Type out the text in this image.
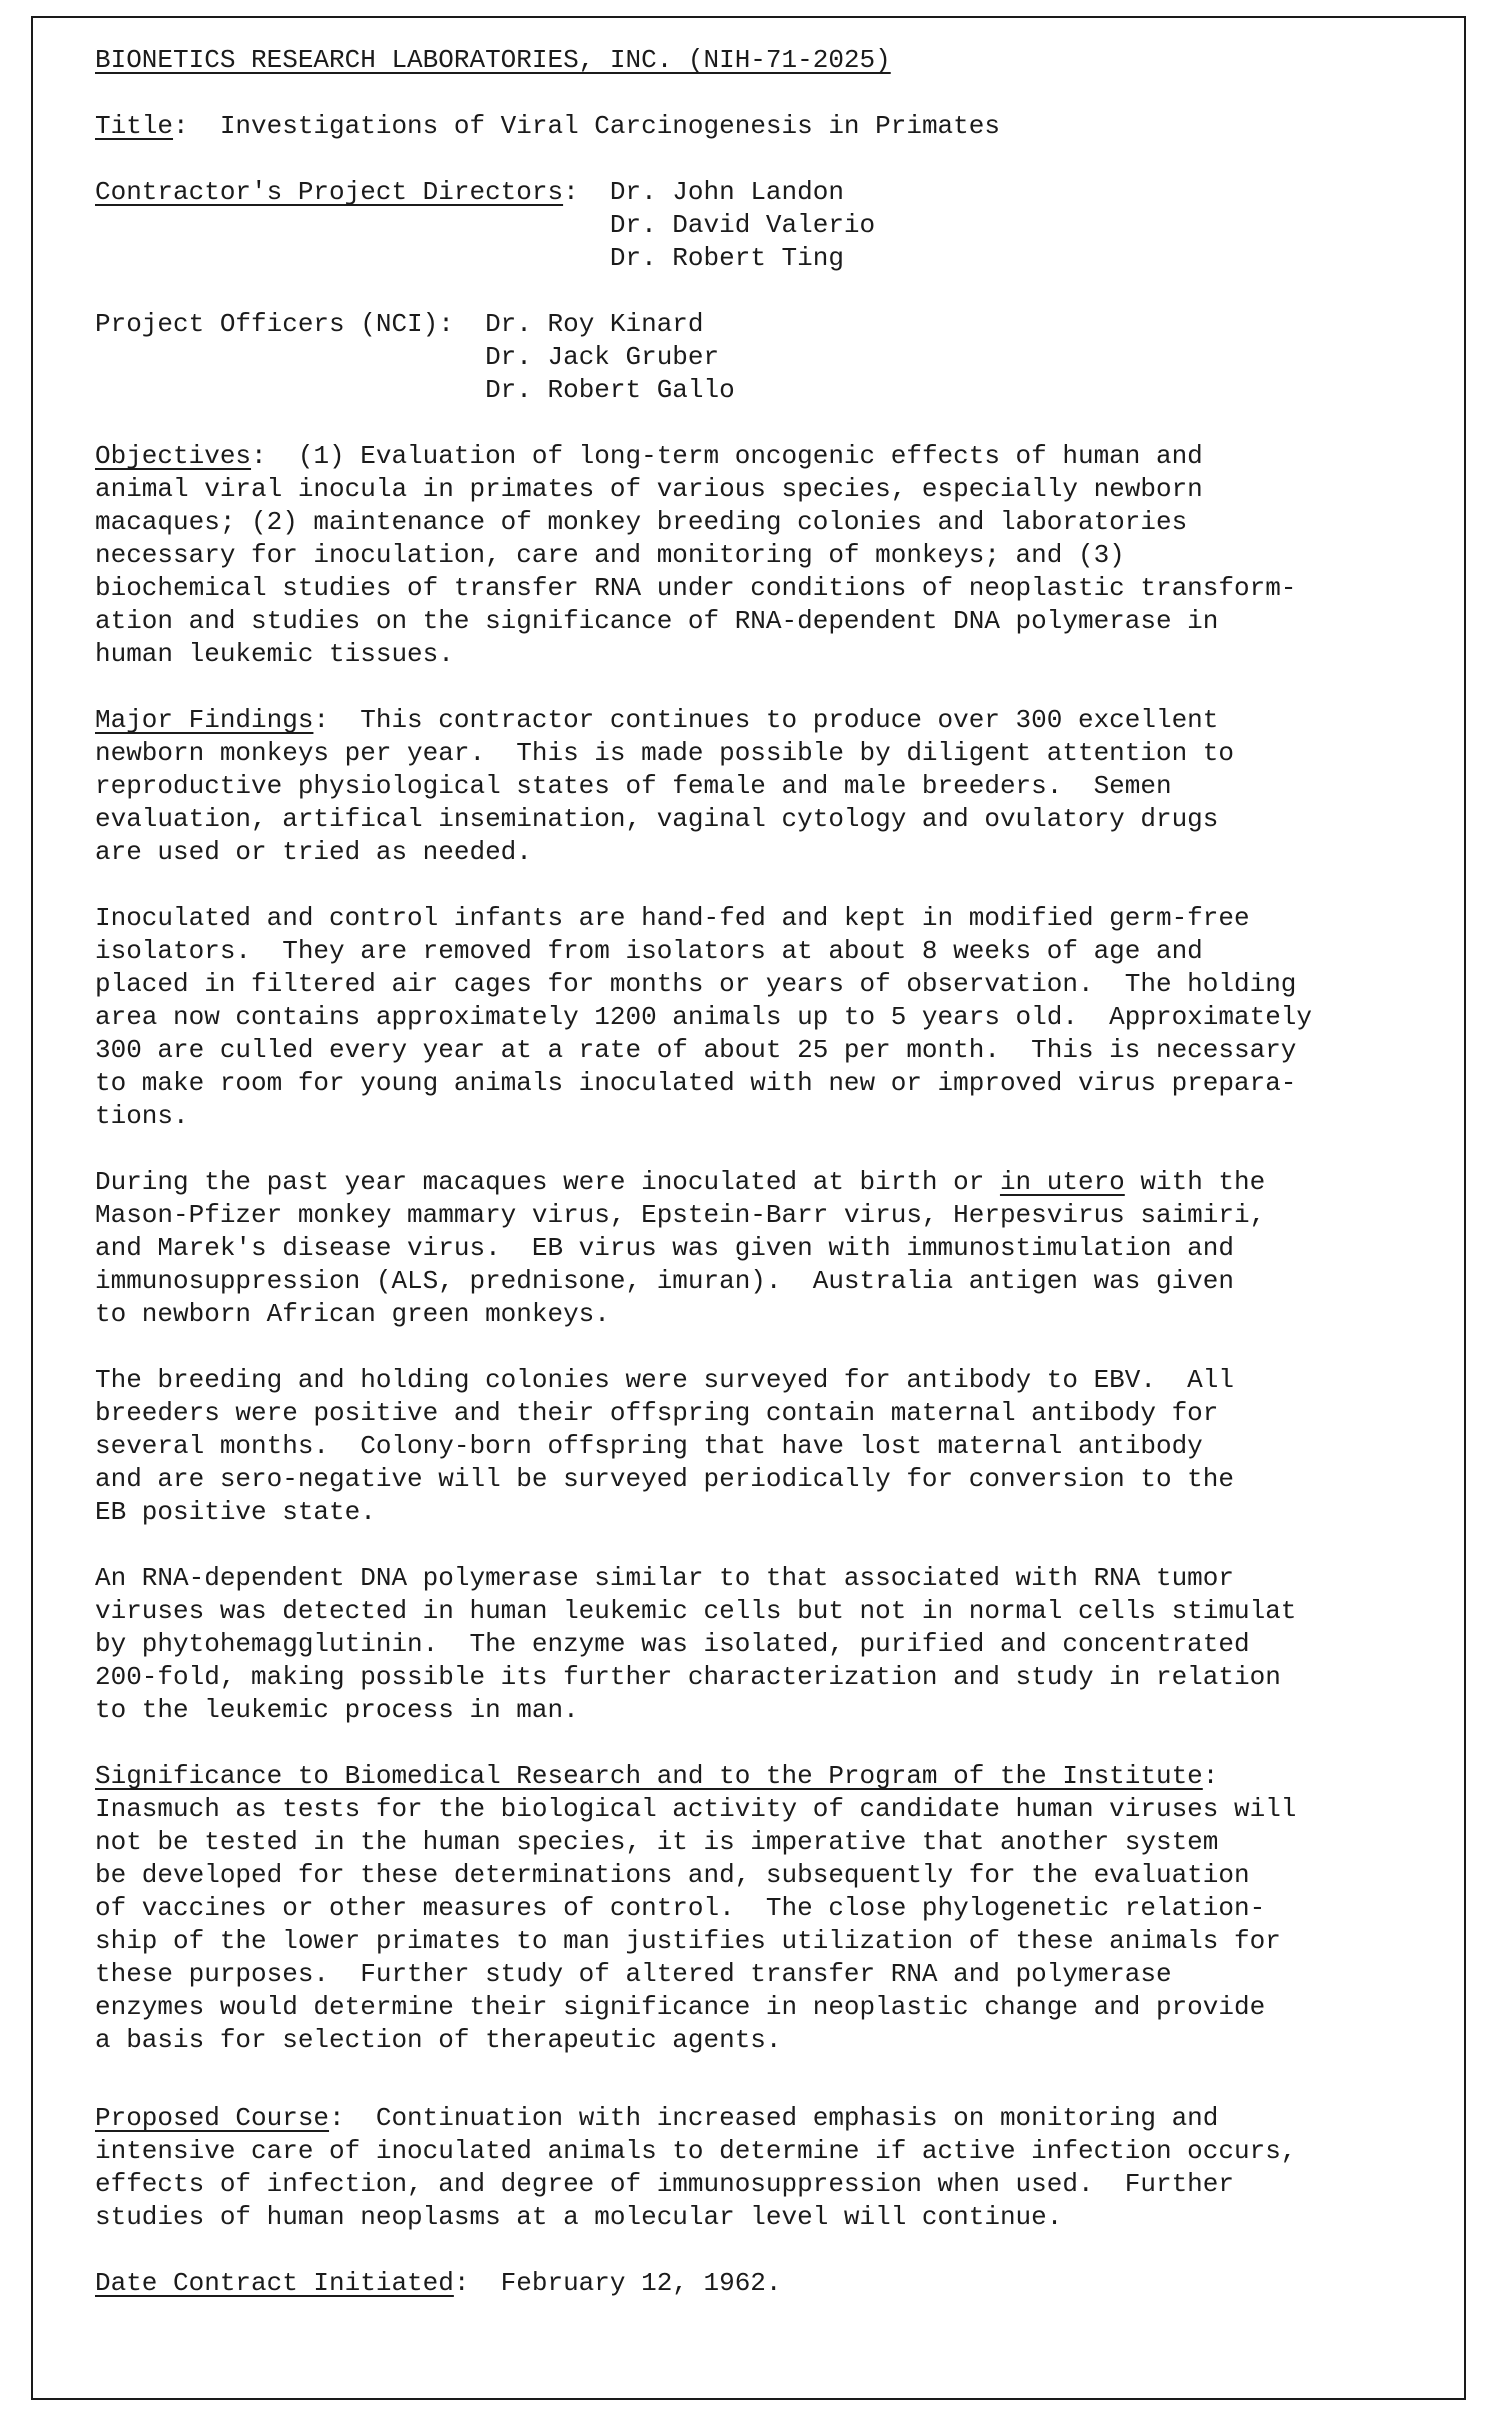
BIONETICS RESEARCH LABORATORIES, INC. (NIH-71-2025)
Title:  Investigations of Viral Carcinogenesis in Primates
Contractor's Project Directors: Dr. John Landon
Dr. David Valerio
Dr. Robert Ting
Project Officers (NCI): Dr. Roy Kinard
Dr. Jack Gruber
Dr. Robert Gallo
Objectives:  (1) Evaluation of long-term oncogenic effects of human and
animal viral inocula in primates of various species, especially newborn
macaques; (2) maintenance of monkey breeding colonies and laboratories
necessary for inoculation, care and monitoring of monkeys; and (3)
biochemical studies of transfer RNA under conditions of neoplastic transform-
ation and studies on the significance of RNA-dependent DNA polymerase in
human leukemic tissues.
Major Findings:  This contractor continues to produce over 300 excellent
newborn monkeys per year.  This is made possible by diligent attention to
reproductive physiological states of female and male breeders.  Semen
evaluation, artifical insemination, vaginal cytology and ovulatory drugs
are used or tried as needed.
Inoculated and control infants are hand-fed and kept in modified germ-free
isolators.  They are removed from isolators at about 8 weeks of age and
placed in filtered air cages for months or years of observation.  The holding
area now contains approximately 1200 animals up to 5 years old.  Approximately
300 are culled every year at a rate of about 25 per month.  This is necessary
to make room for young animals inoculated with new or improved virus prepara-
tions.
During the past year macaques were inoculated at birth or in utero with the
Mason-Pfizer monkey mammary virus, Epstein-Barr virus, Herpesvirus saimiri,
and Marek's disease virus.  EB virus was given with immunostimulation and
immunosuppression (ALS, prednisone, imuran).  Australia antigen was given
to newborn African green monkeys.
The breeding and holding colonies were surveyed for antibody to EBV.  All
breeders were positive and their offspring contain maternal antibody for
several months.  Colony-born offspring that have lost maternal antibody
and are sero-negative will be surveyed periodically for conversion to the
EB positive state.
An RNA-dependent DNA polymerase similar to that associated with RNA tumor
viruses was detected in human leukemic cells but not in normal cells stimulat
by phytohemagglutinin.  The enzyme was isolated, purified and concentrated
200-fold, making possible its further characterization and study in relation
to the leukemic process in man.
Significance to Biomedical Research and to the Program of the Institute:
Inasmuch as tests for the biological activity of candidate human viruses will
not be tested in the human species, it is imperative that another system
be developed for these determinations and, subsequently for the evaluation
of vaccines or other measures of control.  The close phylogenetic relation-
ship of the lower primates to man justifies utilization of these animals for
these purposes.  Further study of altered transfer RNA and polymerase
enzymes would determine their significance in neoplastic change and provide
a basis for selection of therapeutic agents.
Proposed Course:  Continuation with increased emphasis on monitoring and
intensive care of inoculated animals to determine if active infection occurs,
effects of infection, and degree of immunosuppression when used.  Further
studies of human neoplasms at a molecular level will continue.
Date Contract Initiated:  February 12, 1962.
